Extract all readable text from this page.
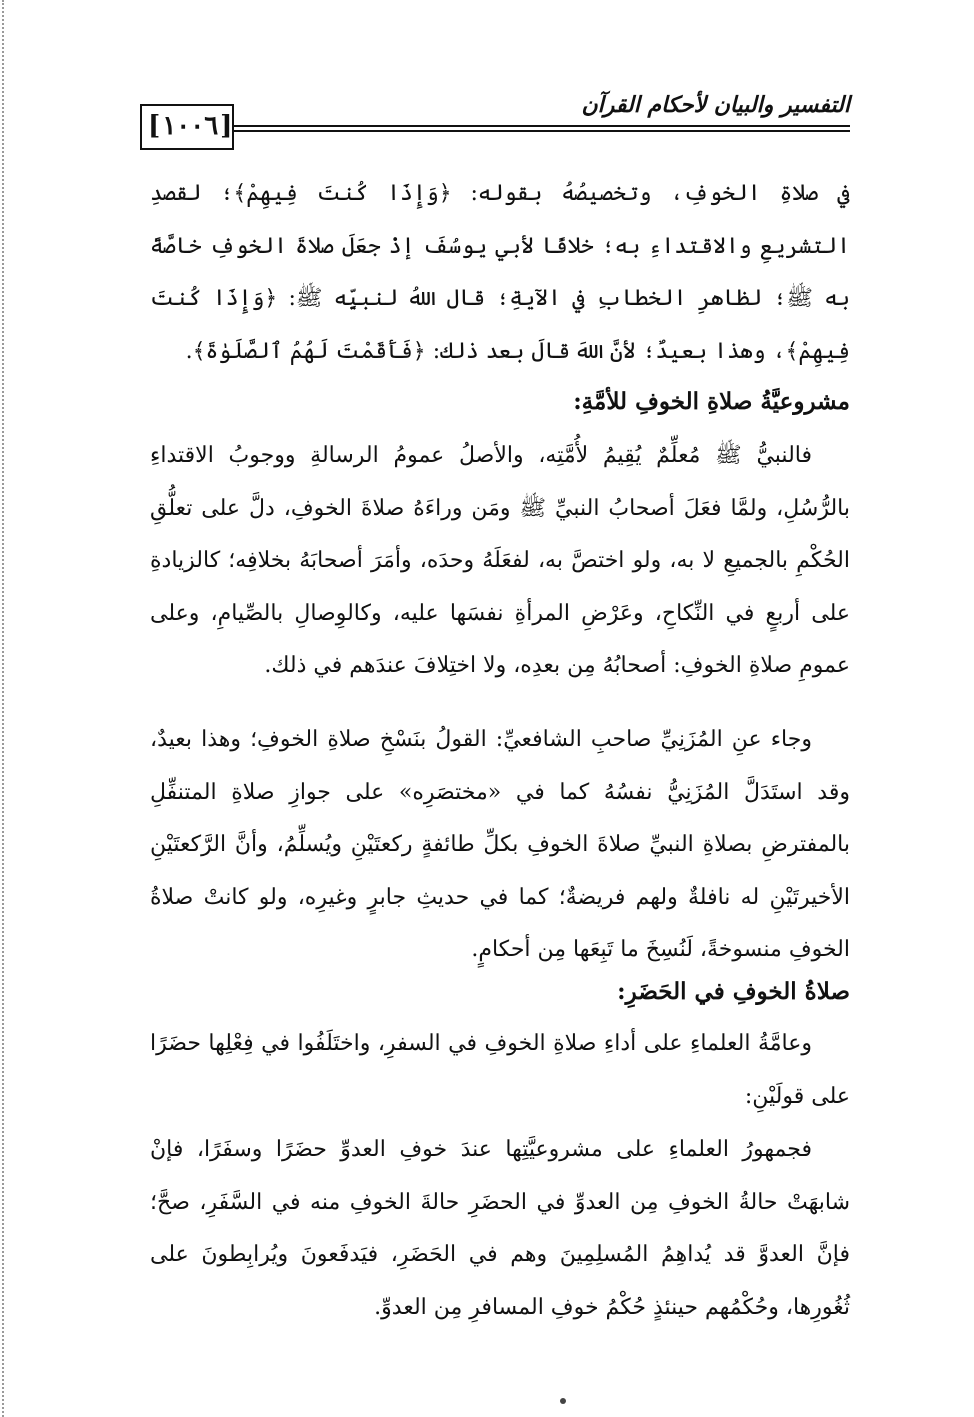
التفسير والبيان لأحكام القرآن
[ ١٠٠٦ ]

في صلاةِ الخوفِ، وتخصيصُهُ بقوله: ﴿وَإِذَا كُنتَ فِيهِمْ﴾؛ لقصدِ التشريعِ والاقتداءِ به؛ خلافًا لأبي يوسُفَ إذْ جعَلَ صلاةَ الخوفِ خاصَّةً به ﷺ؛ لظاهرِ الخطابِ في الآيةِ؛ قال اللهُ لنبيِّه ﷺ: ﴿وَإِذَا كُنتَ فِيهِمْ﴾، وهذا بعيدٌ؛ لأنَّ اللهَ قالَ بعد ذلك: ﴿فَأَقَمْتَ لَهُمُ ٱلصَّلَوٰةَ﴾.

مشروعيَّةُ صلاةِ الخوفِ للأمَّةِ:

فالنبيُّ ﷺ مُعلِّمٌ يُقِيمُ لأُمَّتِه، والأصلُ عمومُ الرسالةِ ووجوبُ الاقتداءِ بالرُّسُلِ، ولمَّا فعَلَ أصحابُ النبيِّ ﷺ ومَن وراءَهُ صلاةَ الخوفِ، دلَّ على تعلُّقِ الحُكْمِ بالجميعِ لا به، ولو اختصَّ به، لفعَلَهُ وحدَه، وأمَرَ أصحابَهُ بخلافِه؛ كالزيادةِ على أربعٍ في النِّكاحِ، وعَرْضِ المرأةِ نفسَها عليه، وكالوِصالِ بالصِّيامِ، وعلى عمومِ صلاةِ الخوفِ: أصحابُهُ مِن بعدِه، ولا اختِلافَ عندَهم في ذلك.

وجاء عنِ المُزَنِيِّ صاحبِ الشافعيِّ: القولُ بنَسْخِ صلاةِ الخوفِ؛ وهذا بعيدٌ، وقد استَدَلَّ المُزَنِيُّ نفسُهُ كما في «مختصَرِه» على جوازِ صلاةِ المتنفِّلِ بالمفترضِ بصلاةِ النبيِّ صلاةَ الخوفِ بكلِّ طائفةٍ ركعتَيْنِ ويُسلِّمُ، وأنَّ الرَّكعتَيْنِ الأخيرتَيْنِ له نافلةٌ ولهم فريضةٌ؛ كما في حديثِ جابرٍ وغيرِه، ولو كانتْ صلاةُ الخوفِ منسوخةً، لَنُسِخَ ما تَبِعَها مِن أحكامٍ.

صلاةُ الخوفِ في الحَضَرِ:

وعامَّةُ العلماءِ على أداءِ صلاةِ الخوفِ في السفرِ، واختَلَفُوا في فِعْلِها حضَرًا على قولَيْنِ:

فجمهورُ العلماءِ على مشروعيَّتِها عندَ خوفِ العدوِّ حضَرًا وسفَرًا، فإنْ شابهَتْ حالةُ الخوفِ مِن العدوِّ في الحضَرِ حالةَ الخوفِ منه في السَّفَرِ، صحَّ؛ فإنَّ العدوَّ قد يُداهِمُ المُسلِمِينَ وهم في الحَضَرِ، فيَدفَعونَ ويُرابِطونَ على ثُغُورِها، وحُكْمُهم حينئذٍ حُكْمُ خوفِ المسافرِ مِن العدوِّ.
